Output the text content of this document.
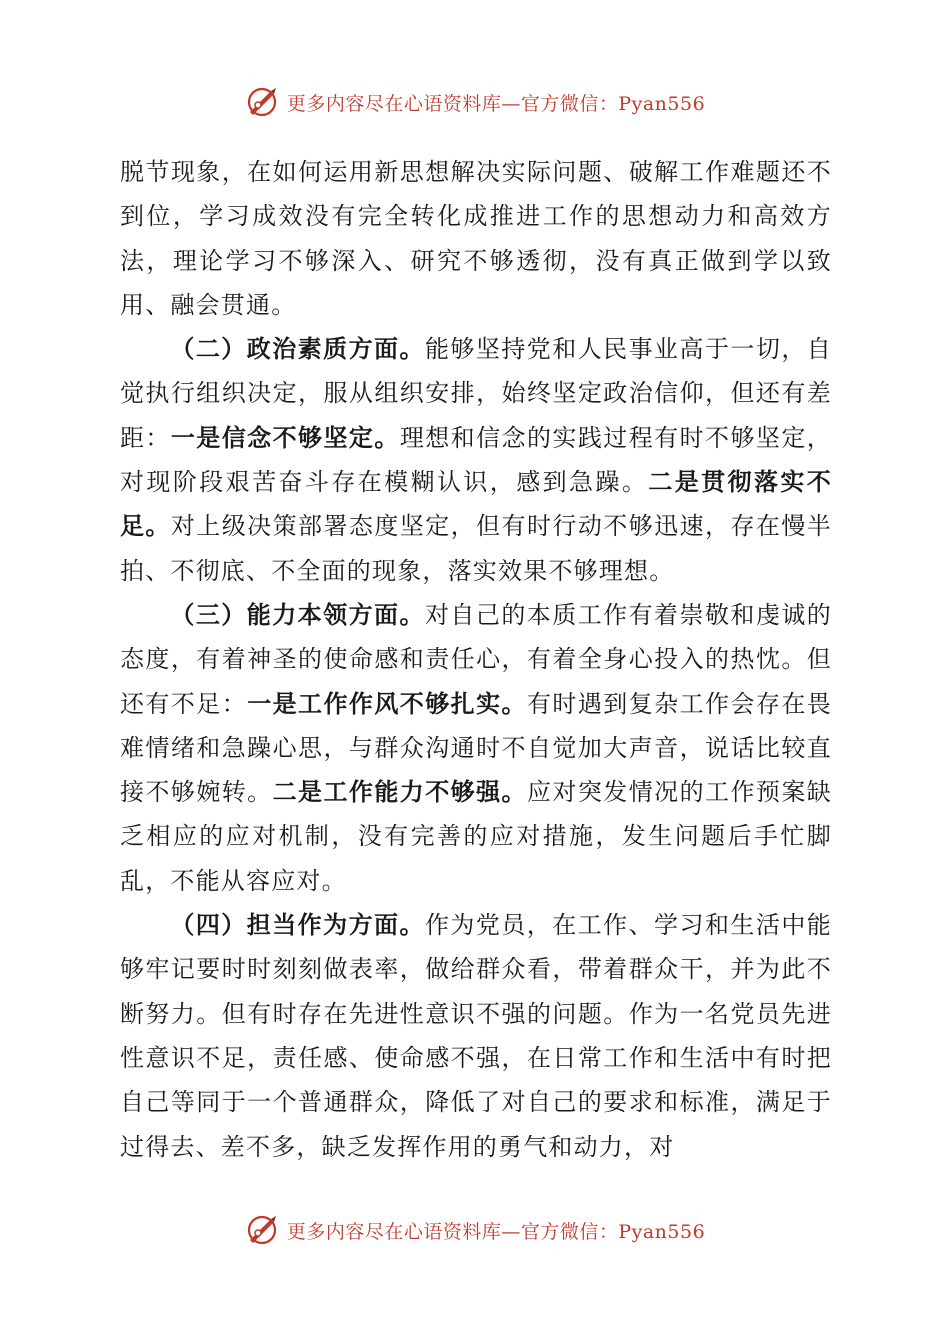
更多内容尽在心语资料库—官方微信：Pyan556

脱节现象，在如何运用新思想解决实际问题、破解工作难题还不到位，学习成效没有完全转化成推进工作的思想动力和高效方法，理论学习不够深入、研究不够透彻，没有真正做到学以致用、融会贯通。

（二）政治素质方面。能够坚持党和人民事业高于一切，自觉执行组织决定，服从组织安排，始终坚定政治信仰，但还有差距：一是信念不够坚定。理想和信念的实践过程有时不够坚定，对现阶段艰苦奋斗存在模糊认识，感到急躁。二是贯彻落实不足。对上级决策部署态度坚定，但有时行动不够迅速，存在慢半拍、不彻底、不全面的现象，落实效果不够理想。

（三）能力本领方面。对自己的本质工作有着崇敬和虔诚的态度，有着神圣的使命感和责任心，有着全身心投入的热忱。但还有不足：一是工作作风不够扎实。有时遇到复杂工作会存在畏难情绪和急躁心思，与群众沟通时不自觉加大声音，说话比较直接不够婉转。二是工作能力不够强。应对突发情况的工作预案缺乏相应的应对机制，没有完善的应对措施，发生问题后手忙脚乱，不能从容应对。

（四）担当作为方面。作为党员，在工作、学习和生活中能够牢记要时时刻刻做表率，做给群众看，带着群众干，并为此不断努力。但有时存在先进性意识不强的问题。作为一名党员先进性意识不足，责任感、使命感不强，在日常工作和生活中有时把自己等同于一个普通群众，降低了对自己的要求和标准，满足于过得去、差不多，缺乏发挥作用的勇气和动力，对

更多内容尽在心语资料库—官方微信：Pyan556
